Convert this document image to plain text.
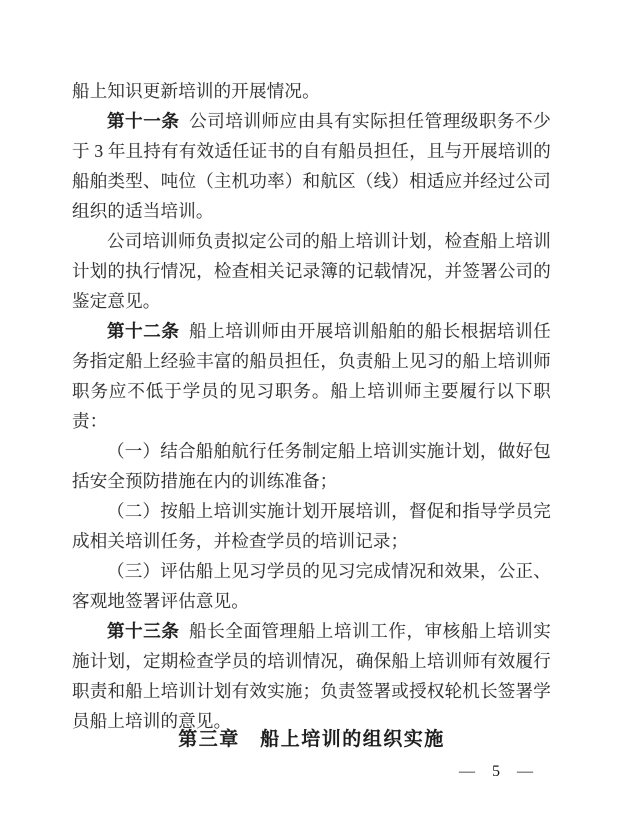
船上知识更新培训的开展情况。

第十一条 公司培训师应由具有实际担任管理级职务不少于 3 年且持有有效适任证书的自有船员担任，且与开展培训的船舶类型、吨位（主机功率）和航区（线）相适应并经过公司组织的适当培训。

公司培训师负责拟定公司的船上培训计划，检查船上培训计划的执行情况，检查相关记录簿的记载情况，并签署公司的鉴定意见。

第十二条 船上培训师由开展培训船舶的船长根据培训任务指定船上经验丰富的船员担任，负责船上见习的船上培训师职务应不低于学员的见习职务。船上培训师主要履行以下职责：

（一）结合船舶航行任务制定船上培训实施计划，做好包括安全预防措施在内的训练准备；

（二）按船上培训实施计划开展培训，督促和指导学员完成相关培训任务，并检查学员的培训记录；

（三）评估船上见习学员的见习完成情况和效果，公正、客观地签署评估意见。

第十三条 船长全面管理船上培训工作，审核船上培训实施计划，定期检查学员的培训情况，确保船上培训师有效履行职责和船上培训计划有效实施；负责签署或授权轮机长签署学员船上培训的意见。

第三章　船上培训的组织实施
— 5 —
